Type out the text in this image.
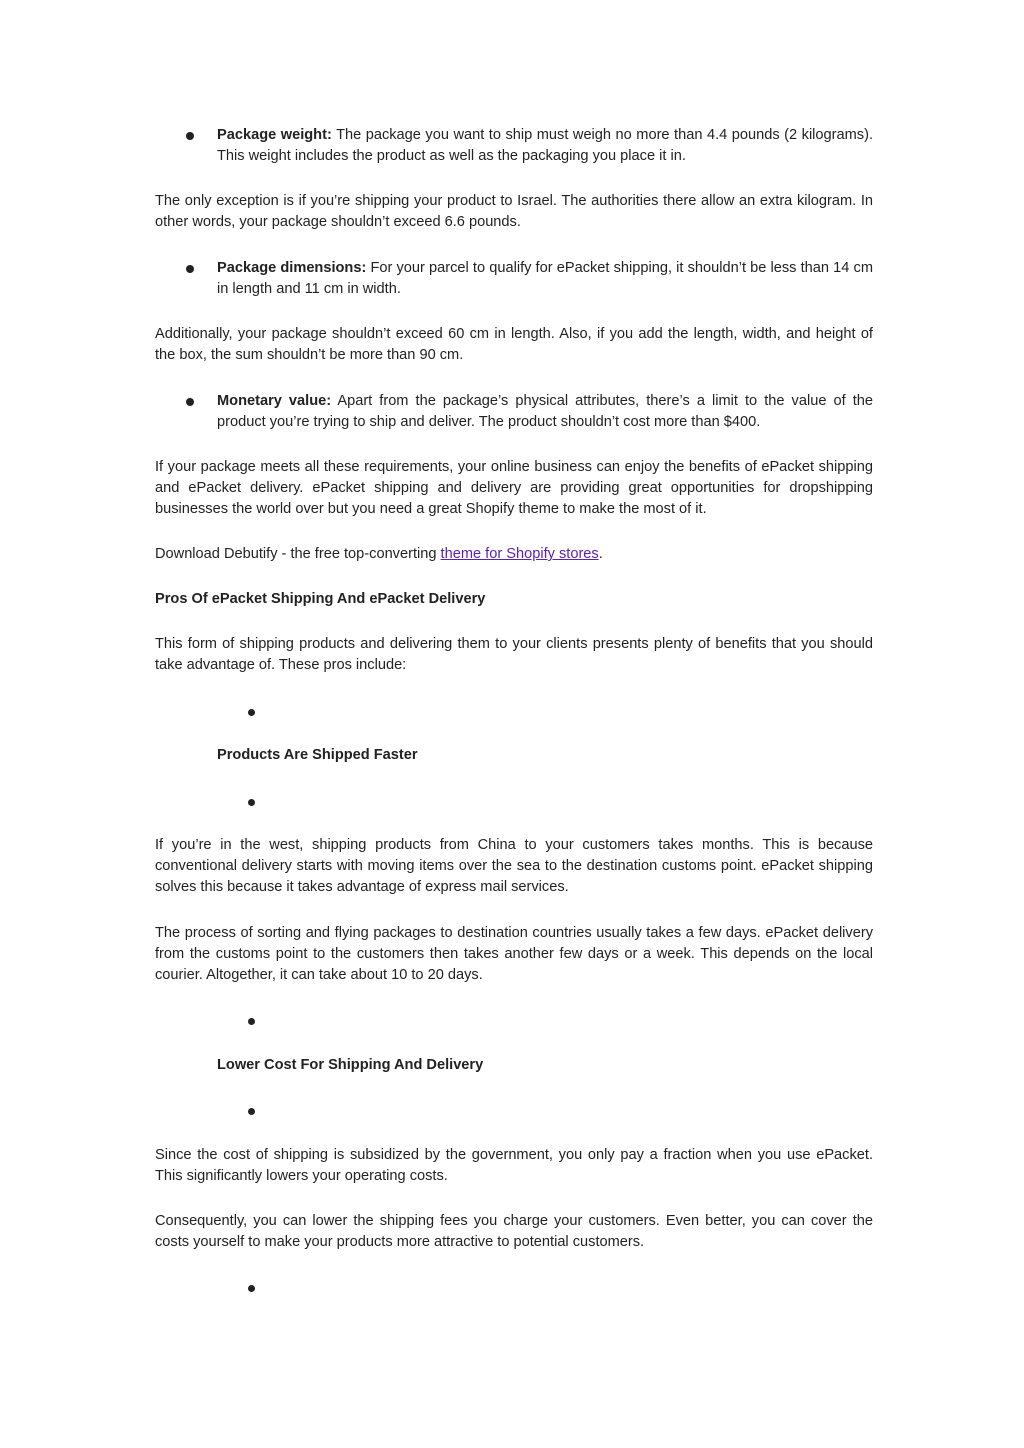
Package weight: The package you want to ship must weigh no more than 4.4 pounds (2 kilograms). This weight includes the product as well as the packaging you place it in.

The only exception is if you’re shipping your product to Israel. The authorities there allow an extra kilogram. In other words, your package shouldn’t exceed 6.6 pounds.

Package dimensions: For your parcel to qualify for ePacket shipping, it shouldn’t be less than 14 cm in length and 11 cm in width.

Additionally, your package shouldn’t exceed 60 cm in length. Also, if you add the length, width, and height of the box, the sum shouldn’t be more than 90 cm.

Monetary value: Apart from the package’s physical attributes, there’s a limit to the value of the product you’re trying to ship and deliver. The product shouldn’t cost more than $400.

If your package meets all these requirements, your online business can enjoy the benefits of ePacket shipping and ePacket delivery. ePacket shipping and delivery are providing great opportunities for dropshipping businesses the world over but you need a great Shopify theme to make the most of it.

Download Debutify - the free top-converting theme for Shopify stores.

Pros Of ePacket Shipping And ePacket Delivery

This form of shipping products and delivering them to your clients presents plenty of benefits that you should take advantage of. These pros include:

Products Are Shipped Faster

If you’re in the west, shipping products from China to your customers takes months. This is because conventional delivery starts with moving items over the sea to the destination customs point. ePacket shipping solves this because it takes advantage of express mail services.

The process of sorting and flying packages to destination countries usually takes a few days. ePacket delivery from the customs point to the customers then takes another few days or a week. This depends on the local courier. Altogether, it can take about 10 to 20 days.

Lower Cost For Shipping And Delivery

Since the cost of shipping is subsidized by the government, you only pay a fraction when you use ePacket. This significantly lowers your operating costs.

Consequently, you can lower the shipping fees you charge your customers. Even better, you can cover the costs yourself to make your products more attractive to potential customers.
